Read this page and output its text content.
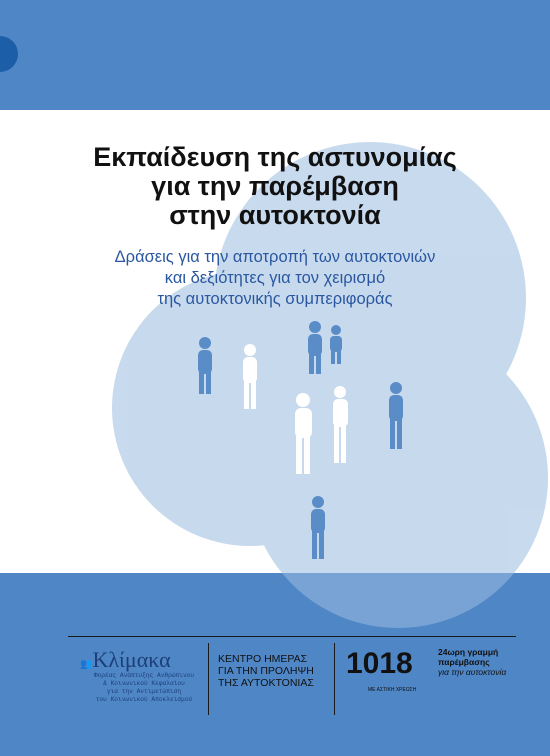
Εκπαίδευση της αστυνομίας
για την παρέμβαση
στην αυτοκτονία

Δράσεις για την αποτροπή των αυτοκτονιών
και δεξιότητες για τον χειρισμό
της αυτοκτονικής συμπεριφοράς

👥Κλίμακα
Φορέας Ανάπτυξης Ανθρώπινου
& Κοινωνικού Κεφαλαίου
για την Αντιμετώπιση
του Κοινωνικού Αποκλεισμού
ΚΕΝΤΡΟ ΗΜΕΡΑΣ
ΓΙΑ ΤΗΝ ΠΡΟΛΗΨΗ
ΤΗΣ ΑΥΤΟΚΤΟΝΙΑΣ
1018
ΜΕ ΑΣΤΙΚΗ ΧΡΕΩΣΗ
24ωρη γραμμή
παρέμβασης
για την αυτοκτονία
